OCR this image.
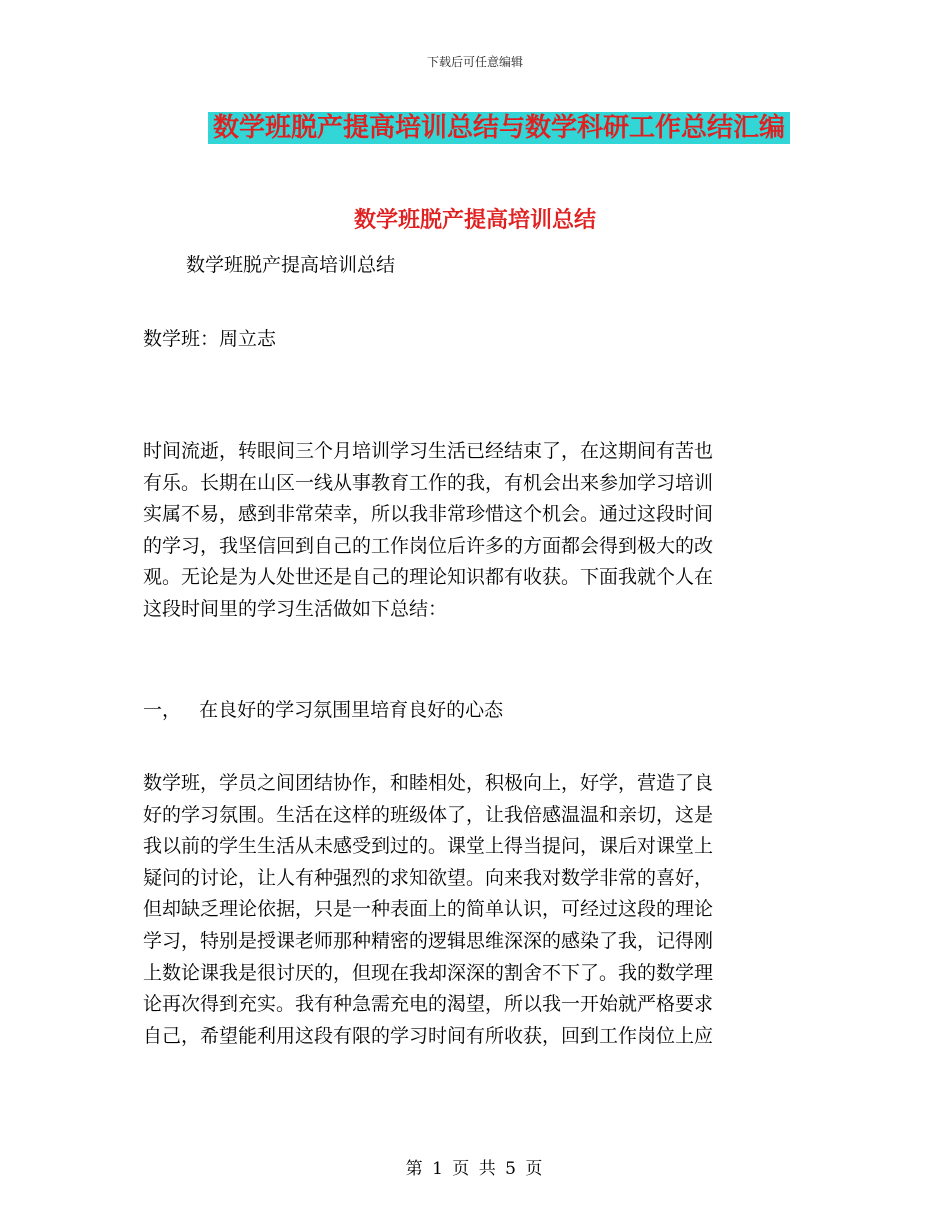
下载后可任意编辑
数学班脱产提高培训总结与数学科研工作总结汇编
数学班脱产提高培训总结
数学班脱产提高培训总结
数学班：周立志
时间流逝，转眼间三个月培训学习生活已经结束了，在这期间有苦也
有乐。长期在山区一线从事教育工作的我，有机会出来参加学习培训
实属不易，感到非常荣幸，所以我非常珍惜这个机会。通过这段时间
的学习，我坚信回到自己的工作岗位后许多的方面都会得到极大的改
观。无论是为人处世还是自己的理论知识都有收获。下面我就个人在
这段时间里的学习生活做如下总结：
一，   在良好的学习氛围里培育良好的心态
数学班，学员之间团结协作，和睦相处，积极向上，好学，营造了良
好的学习氛围。生活在这样的班级体了，让我倍感温温和亲切，这是
我以前的学生生活从未感受到过的。课堂上得当提问，课后对课堂上
疑问的讨论，让人有种强烈的求知欲望。向来我对数学非常的喜好，
但却缺乏理论依据，只是一种表面上的简单认识，可经过这段的理论
学习，特别是授课老师那种精密的逻辑思维深深的感染了我，记得刚
上数论课我是很讨厌的，但现在我却深深的割舍不下了。我的数学理
论再次得到充实。我有种急需充电的渴望，所以我一开始就严格要求
自己，希望能利用这段有限的学习时间有所收获，回到工作岗位上应
第 1 页 共 5 页
